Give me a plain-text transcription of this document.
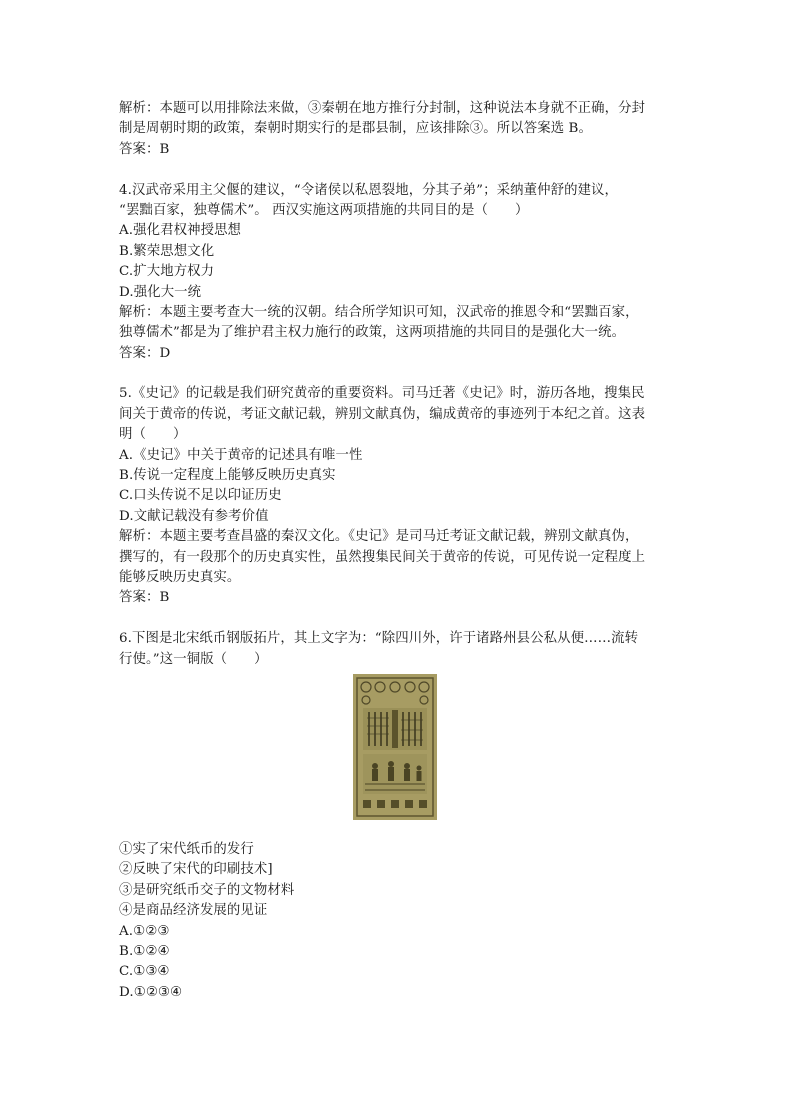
解析：本题可以用排除法来做，③秦朝在地方推行分封制，这种说法本身就不正确，分封
制是周朝时期的政策，秦朝时期实行的是郡县制，应该排除③。所以答案选 B。
答案：B
4.汉武帝采用主父偃的建议，“令诸侯以私恩裂地，分其子弟”；采纳董仲舒的建议，
“罢黜百家，独尊儒术”。 西汉实施这两项措施的共同目的是（　　）
A.强化君权神授思想
B.繁荣思想文化
C.扩大地方权力
D.强化大一统
解析：本题主要考查大一统的汉朝。结合所学知识可知，汉武帝的推恩令和“罢黜百家，
独尊儒术”都是为了维护君主权力施行的政策，这两项措施的共同目的是强化大一统。
答案：D
5.《史记》的记载是我们研究黄帝的重要资料。司马迁著《史记》时，游历各地，搜集民
间关于黄帝的传说，考证文献记载，辨别文献真伪，编成黄帝的事迹列于本纪之首。这表
明（　　）
A.《史记》中关于黄帝的记述具有唯一性
B.传说一定程度上能够反映历史真实
C.口头传说不足以印证历史
D.文献记载没有参考价值
解析：本题主要考查昌盛的秦汉文化。《史记》是司马迁考证文献记载，辨别文献真伪，
撰写的，有一段那个的历史真实性，虽然搜集民间关于黄帝的传说，可见传说一定程度上
能够反映历史真实。
答案：B
6.下图是北宋纸币钢版拓片，其上文字为：“除四川外，许于诸路州县公私从便……流转
行使。”这一铜版（　　）
①实了宋代纸币的发行
②反映了宋代的印刷技术]
③是研究纸币交子的文物材料
④是商品经济发展的见证
A.①②③
B.①②④
C.①③④
D.①②③④
